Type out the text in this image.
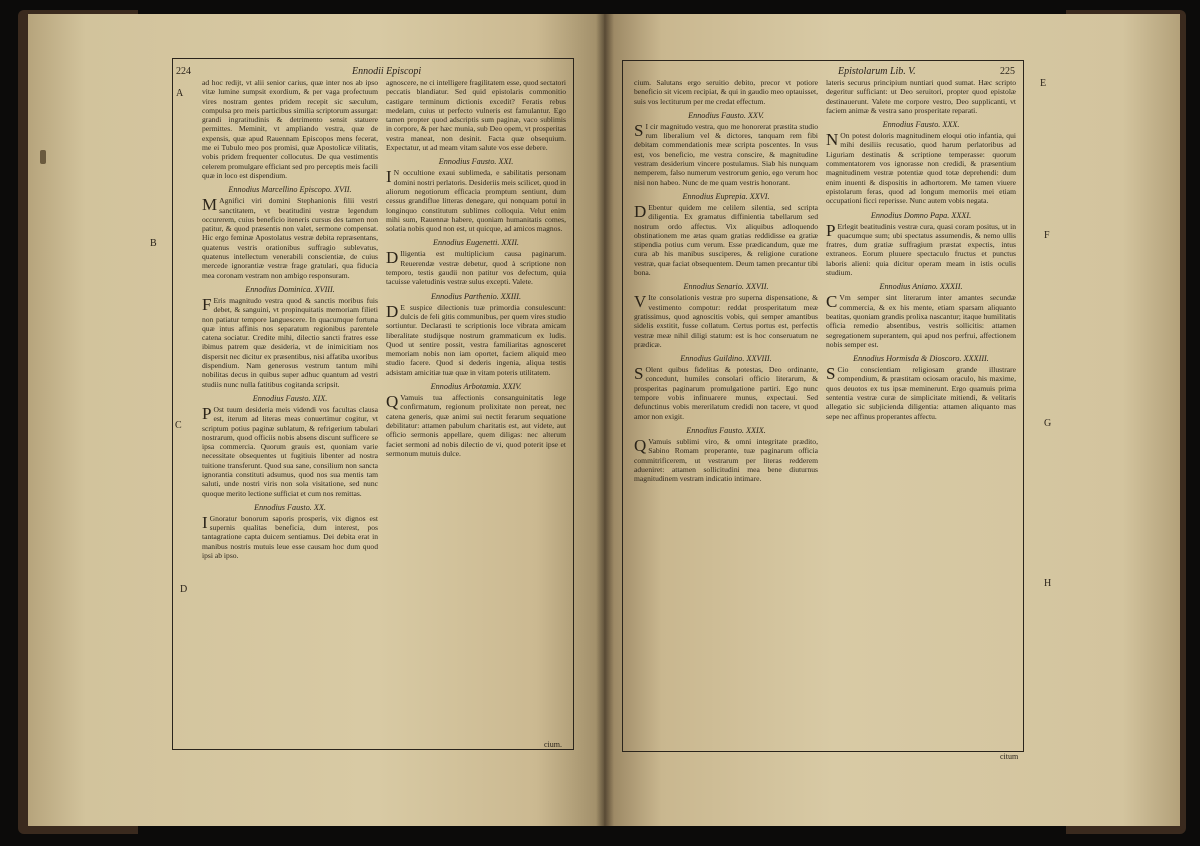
224	Ennodii Episcopi
A
B
C
D

ad hoc redijt, vt alii senior carius, quæ inter nos ab ipso vitæ lumine sumpsit exordium, & per vaga profectuum vires nostram gentes pridem recepit sic sæculum, compulsa pro meis particibus similia scriptorum assurgat: grandi ingratitudinis & detrimento sensit statuere permittes. Meminit, vt ampliando vestra, quæ de expensis, quæ apud Rauennam Episcopos mens fecerat, me ei Tubulo meo pos promisi, quæ Apostolicæ vilitatis, vobis pridem frequenter collocutus. De qua vestimentis celerem promulgare efficiant sed pro perceptis meis facili quæ in loco est dispendium.

Ennodius Marcellino Episcopo. XVII.

M Agnifici viri domini Stephanionis filii vestri sanctitatem, vt beatitudini vestræ legendum occurerem, cuius beneficio iteneris cursus des tamen non patitur, & quod præsentis non valet, sermone compensat. Hic ergo feminæ Apostolatus vestræ debita repræsentans, quatenus vestris orationibus suffragio sublevatus, quatenus intellectum venerabili conscientiæ, de cuius mercede ignorantiæ vestræ frage gratulari, qua fiducia mea coronam vestram non ambigo responsuram.

Ennodius Dominica. XVIII.

F Eris magnitudo vestra quod & sanctis moribus fuis debet, & sanguini, vt propinquitatis memoriam filieti non patiatur tempore languescere. In quacumque fortuna quæ intus affinis nos separatum regionibus parentele catena sociatur. Credite mihi, dilectio sancti fratres esse ibimus patrem quæ desideria, vt de inimicitiam nos dispersit nec dicitur ex præsentibus, nisi affatiba uxoribus dispendium. Nam generosus vestrum tantum mihi nobilitas decus in quibus super adhuc quantum ad vestri studiis nunc nulla fatitibus cogitanda scripsit.

Ennodius Fausto. XIX.

P Ost tuum desideria meis videndi vos facultas clausa est, iterum ad literas meas conuertimur cogitur, vt scriptum potius paginæ sublatum, & refrigerium tabulari nostrarum, quod officiis nobis absens discunt sufficere se ipsa commercia. Quorum grauis est, quoniam varie necessitate obsequentes ut fugitiuis libenter ad nostra tuitione transferunt. Quod sua sane, consilium non sancta ignorantia constituti adsumus, quod nos sua mentis tam saluti, unde nostri viris non sola visitatione, sed nunc quoque merito lectione sufficiat et cum nos remittas.

Ennodius Fausto. XX.

I Gnoratur bonorum saporis prosperis, vix dignos est supernis qualitas beneficia, dum interest, pos tantagratione capta duicem sentiamus. Dei debita erat in manibus nostris mutuis leue esse causam hoc dum quod ipsi ab ipso.

agnoscere, ne ci intelligere fragilitatem esse, quod sectatori peccatis blandiatur. Sed quid epistolaris commonitio castigare terminum dictionis excedit? Feratis rebus medelam, cuius ut perfecto vulneris est famulantur. Ego tamen propter quod adscriptis sum paginæ, vaco sublimis in corpore, & per hæc munia, sub Deo opem, vt prosperitas vestra maneat, non desinit. Facta quæ obsequium. Expectatur, ut ad meam vitam salute vos esse debere.

Ennodius Fausto. XXI.

I N occultione exaui sublimeda, e sabilitatis personam domini nostri perlatoris. Desideriis meis scilicet, quod in aliorum negotiorum efficacia promptum sentiunt, dum cessus grandiflue litteras denegare, qui nonquam potui in longinquo constitutum sublimes colloquia. Velut enim mihi sum, Rauennæ habere, quoniam humanitatis comes, solatia nobis quod non est, ut quicque, ad amicos magnos.

Ennodius Eugenetti. XXII.

D Iligentia est multiplicium causa paginarum. Reuerendæ vestræ debetur, quod à scriptione non temporo, testis gaudii non patitur vos defectum, quia tacuisse valetudinis vestræ sulus excepti. Valete.

Ennodius Parthenio. XXIII.

D E suspice dilectionis tuæ primordia consulescunt: dulcis de feli gitis communibus, per quem vires studio sortiuntur. Declarasti te scriptionis loce vibrata amicam liberalitate studijsque nostrum grammaticum ex ludis. Quod ut sentire possit, vestra familiaritas agnosceret memoriam nobis non iam oportet, faciem aliquid meo studio facere. Quod si dederis ingenia, aliqua testis adsistam amicitiæ tuæ quæ in vitam poteris utilitatem.

Ennodius Arbotamia. XXIV.

Q Vamuis tua affectionis consanguinitatis lege confirmatum, regionum prolixitate non pereat, nec catena generis, quæ animi sui nectit ferarum sequatione debilitatur: attamen pabulum charitatis est, aut videte, aut officio sermonis appellare, quem diligas: nec alterum faciet sermoni ad nobis dilectio de vi, quod poterit ipse et sermonum mutuis dulce.

cium.
Epistolarum Lib. V.	225
E
F
G
H

cium. Salutans ergo seruitio debito, precor vt potiore beneficio sit vicem recipiat, & qui in gaudio meo optauisset, suis vos lectiturum per me credat effectum.

Ennodius Fausto. XXV.

S I cir magnitudo vestra, quo me honorerat præstita studio rum liberalium vel & dictores, tanquam rem fibi debitam commendationis meæ scripta poscentes. In vsus est, vos beneficio, me vestra conscire, & magnitudine vestram desiderium vincere postulamus. Siab his nunquam nemperem, falso numerum vestrorum genio, ego verum hoc nisi non habeo. Nunc de me quam vestris honorant.

Ennodius Euprepia. XXVI.

D Ebentur quidem me celilem silentia, sed scripta diligentia. Ex gramatus diffinientia tabellarum sed nostrum ordo affectus. Vix aliquibus adloquendo obstinationem me ætas quam gratias reddidisse ea gratiæ stipendia potius cum verum. Esse prædicandum, quæ me cura ab his manibus susciperes, & religione curatione vestræ, quæ faciat obsequentem. Deum tamen precantur tibi bona.

Ennodius Senario. XXVII.

V Ite consolationis vestræ pro superna dispensatione, & vestimento compotur: reddat prosperitatum meæ gratissimus, quod agnoscitis vobis, qui semper amantibus sidelis exstitit, fusse collatum. Certus portus est, perfectis vestræ meæ nihil diligi statum: est is hoc conseruatum ne prædicæ.

Ennodius Guildino. XXVIII.

S Olent quibus fidelitas & potestas, Deo ordinante, concedunt, humiles consolari officio literarum, & prosperitas paginarum promulgatione partiri. Ego nunc tempore vobis infinuarere munus, expectaui. Sed defunctinus vobis mererilatum credidi non tacere, vt quod amor non exigit.

Ennodius Fausto. XXIX.

Q Vamuis sublimi viro, & omni integritate prædito, Sabino Romam properante, tuæ paginarum officia commitrificerem, ut vestrarum per literas redderem adueniret: attamen sollicitudini mea bene diuturnus magnitudinem vestram indicatio intimare.

lateris securus principium nuntiari quod sumat. Hæc scripto degeritur sufficiant: ut Deo seruitori, propter quod epistolæ destinauerunt. Valete me corpore vestro, Deo supplicanti, vt faciem animæ & vestra sano prosperitate reparati.

Ennodius Fausto. XXX.

N On potest doloris magnitudinem eloqui otio infantia, qui mihi desiliis recusatio, quod harum perlatoribus ad Liguriam destinatis & scriptione temperasse: quorum commentatorem vos ignorasse non credidi, & præsentium magnitudinem vestræ potentiæ quod totæ deprehendi: dum enim inuenti & dispositis in adhortorem. Me tamen viuere epistolarum feras, quod ad longum memoriis mei etiam occupationi ficci reperisse. Nunc autem vobis negata.

Ennodius Domno Papa. XXXI.

P Erlegit beatitudinis vestræ cura, quasi coram positus, ut in quacumque sum; ubi spectatus assumendis, & nemo ullis fratres, dum gratiæ suffragium præstat expectis, intus extraneos. Eorum pluuere spectaculo fructus et punctus laboris alieni: quia dicitur operam meam in istis oculis studium.

Ennodius Aniano. XXXII.

C Vm semper sint literarum inter amantes secundæ commercia, & ex his mente, etiam sparsam aliquanto beatitas, quoniam grandis prolixa nascantur; itaque humilitatis officia remedio absentibus, vestris sollicitis: attamen segregationem superantem, qui apud nos perfrui, affectionem nobis semper est.

Ennodius Hormisda & Dioscoro. XXXIII.

S Cio conscientiam religiosam grande illustrare compendium, & præstitam ociosam oraculo, his maxime, quos deuotos ex tus ipsæ meminerunt. Ergo quamuis prima sententia vestræ curæ de simplicitate mitiendi, & velitaris allegatio sic subjicienda diligentia: attamen aliquanto mas sepe nec affinus properantes affectu.

citum
